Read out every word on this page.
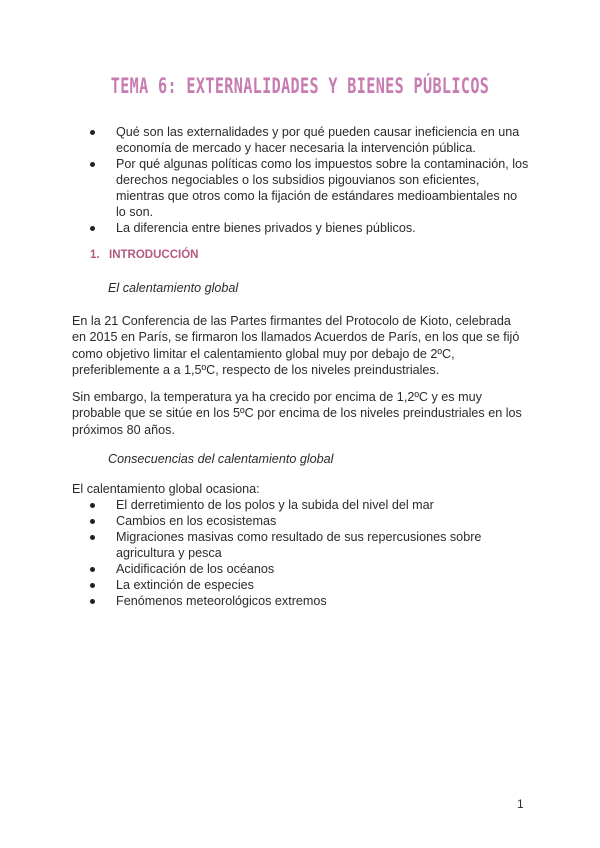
TEMA 6: EXTERNALIDADES Y BIENES PÚBLICOS
Qué son las externalidades y por qué pueden causar ineficiencia en una economía de mercado y hacer necesaria la intervención pública.
Por qué algunas políticas como los impuestos sobre la contaminación, los derechos negociables o los subsidios pigouvianos son eficientes, mientras que otros como la fijación de estándares medioambientales no lo son.
La diferencia entre bienes privados y bienes públicos.
1. INTRODUCCIÓN

El calentamiento global

En la 21 Conferencia de las Partes firmantes del Protocolo de Kioto, celebrada en 2015 en París, se firmaron los llamados Acuerdos de París, en los que se fijó como objetivo limitar el calentamiento global muy por debajo de 2ºC, preferiblemente a a 1,5ºC, respecto de los niveles preindustriales.

Sin embargo, la temperatura ya ha crecido por encima de 1,2ºC y es muy probable que se sitúe en los 5ºC por encima de los niveles preindustriales en los próximos 80 años.

Consecuencias del calentamiento global

El calentamiento global ocasiona:

El derretimiento de los polos y la subida del nivel del mar
Cambios en los ecosistemas
Migraciones masivas como resultado de sus repercusiones sobre agricultura y pesca
Acidificación de los océanos
La extinción de especies
Fenómenos meteorológicos extremos

1
